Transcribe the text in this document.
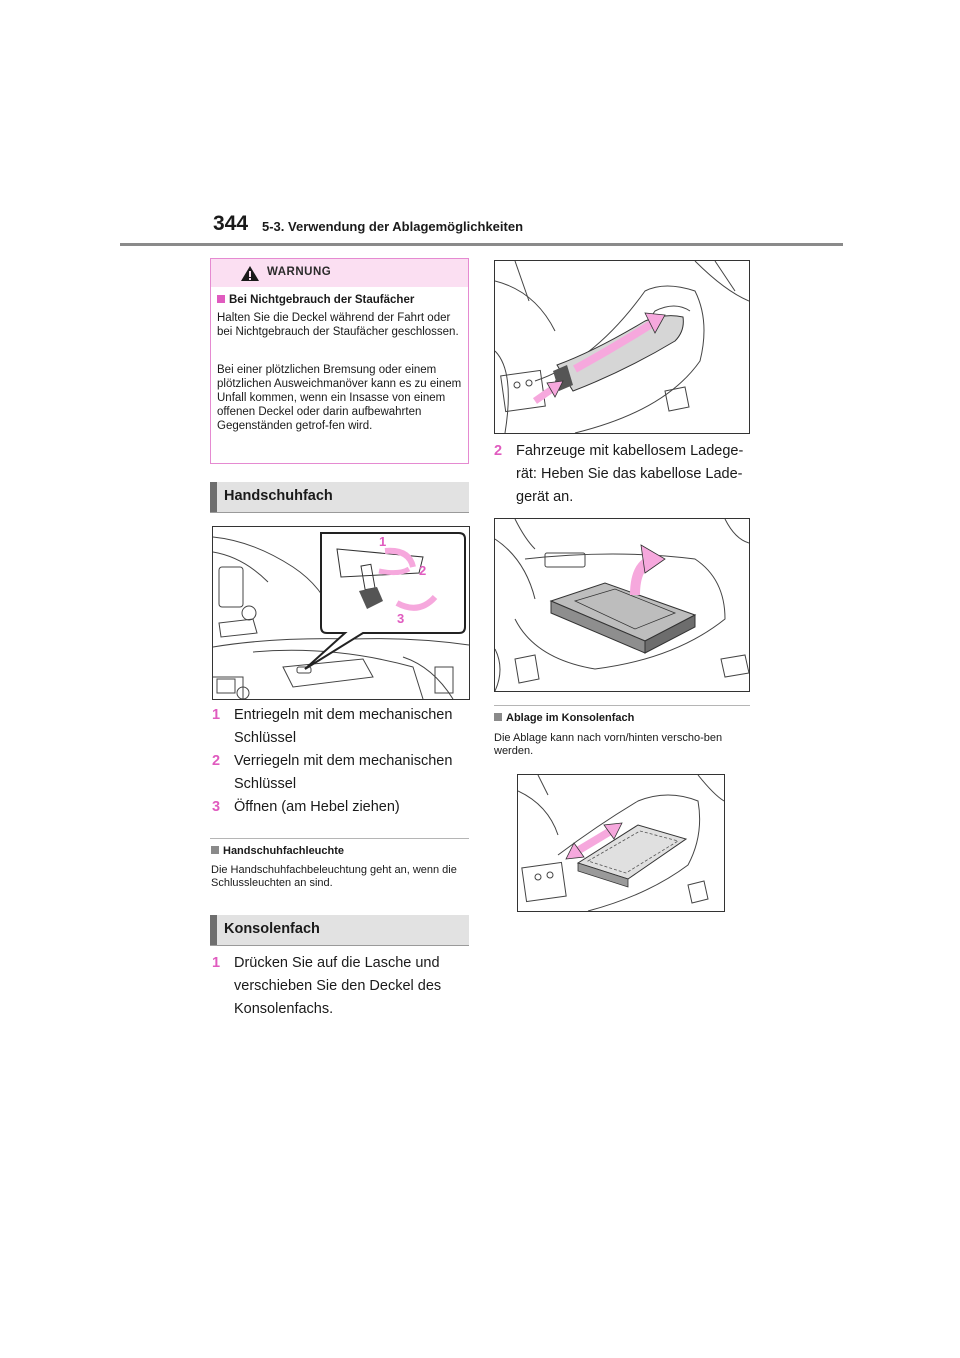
344 5-3. Verwendung der Ablagemöglichkeiten
WARNUNG
Bei Nichtgebrauch der Staufächer
Halten Sie die Deckel während der Fahrt oder bei Nichtgebrauch der Staufächer geschlossen.
Bei einer plötzlichen Bremsung oder einem plötzlichen Ausweichmanöver kann es zu einem Unfall kommen, wenn ein Insasse von einem offenen Deckel oder darin aufbewahrten Gegenständen getrof-fen wird.
Handschuhfach
1
2
3
1 Entriegeln mit dem mechanischen Schlüssel
2 Verriegeln mit dem mechanischen Schlüssel
3 Öffnen (am Hebel ziehen)
Handschuhfachleuchte
Die Handschuhfachbeleuchtung geht an, wenn die Schlussleuchten an sind.
Konsolenfach
1 Drücken Sie auf die Lasche und verschieben Sie den Deckel des Konsolenfachs.
2 Fahrzeuge mit kabellosem Ladege-rät: Heben Sie das kabellose Lade-gerät an.
Ablage im Konsolenfach
Die Ablage kann nach vorn/hinten verscho-ben werden.
